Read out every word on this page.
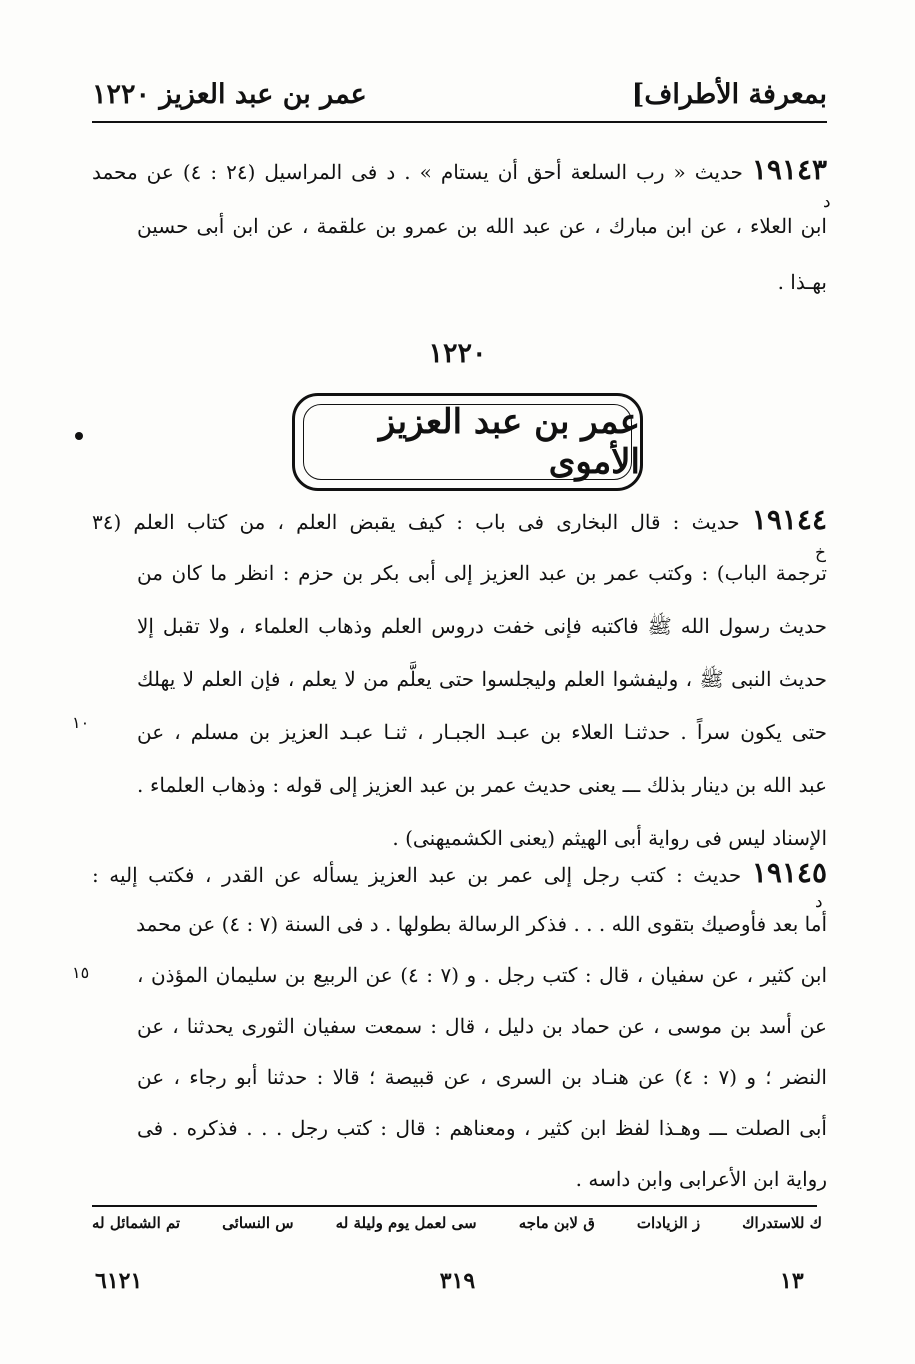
عمر بن عبد العزيز ١٢٢٠	بمعرفة الأطراف]
١٩١٤٣ حديث « رب السلعة أحق أن يستام » . د فى المراسيل (٢٤ : ٤) عن محمد
ابن العلاء ، عن ابن مبارك ، عن عبد الله بن عمرو بن علقمة ، عن ابن أبى حسين
بهـذا .
د
١٢٢٠
عمر بن عبد العزيز الأموى
١٩١٤٤ حديث : قال البخارى فى باب : كيف يقبض العلم ، من كتاب العلم (٣٤
ترجمة الباب) : وكتب عمر بن عبد العزيز إلى أبى بكر بن حزم : انظر ما كان من
حديث رسول الله ﷺ فاكتبه فإنى خفت دروس العلم وذهاب العلماء ، ولا تقبل إلا
حديث النبى ﷺ ، وليفشوا العلم وليجلسوا حتى يعلَّم من لا يعلم ، فإن العلم لا يهلك
حتى يكون سراً . حدثنـا العلاء بن عبـد الجبـار ، ثنـا عبـد العزيز بن مسلم ، عن
عبد الله بن دينار بذلك ـــ يعنى حديث عمر بن عبد العزيز إلى قوله : وذهاب العلماء .
الإسناد ليس فى رواية أبى الهيثم (يعنى الكشميهنى) .
خ
١٠
١٩١٤٥ حديث : كتب رجل إلى عمر بن عبد العزيز يسأله عن القدر ، فكتب إليه :
أما بعد فأوصيك بتقوى الله . . . فذكر الرسالة بطولها . د فى السنة (٧ : ٤) عن محمد
ابن كثير ، عن سفيان ، قال : كتب رجل . و (٧ : ٤) عن الربيع بن سليمان المؤذن ،
عن أسد بن موسى ، عن حماد بن دليل ، قال : سمعت سفيان الثورى يحدثنا ، عن
النضر ؛ و (٧ : ٤) عن هنـاد بن السرى ، عن قبيصة ؛ قالا : حدثنا أبو رجاء ، عن
أبى الصلت ـــ وهـذا لفظ ابن كثير ، ومعناهم : قال : كتب رجل . . . فذكره . فى
رواية ابن الأعرابى وابن داسه .
د
١٥
تم الشمائل له	س النسائى	سى لعمل يوم وليلة له	ق لابن ماجه	ز الزيادات	ك للاستدراك
٦١٢١	٣١٩	١٣
